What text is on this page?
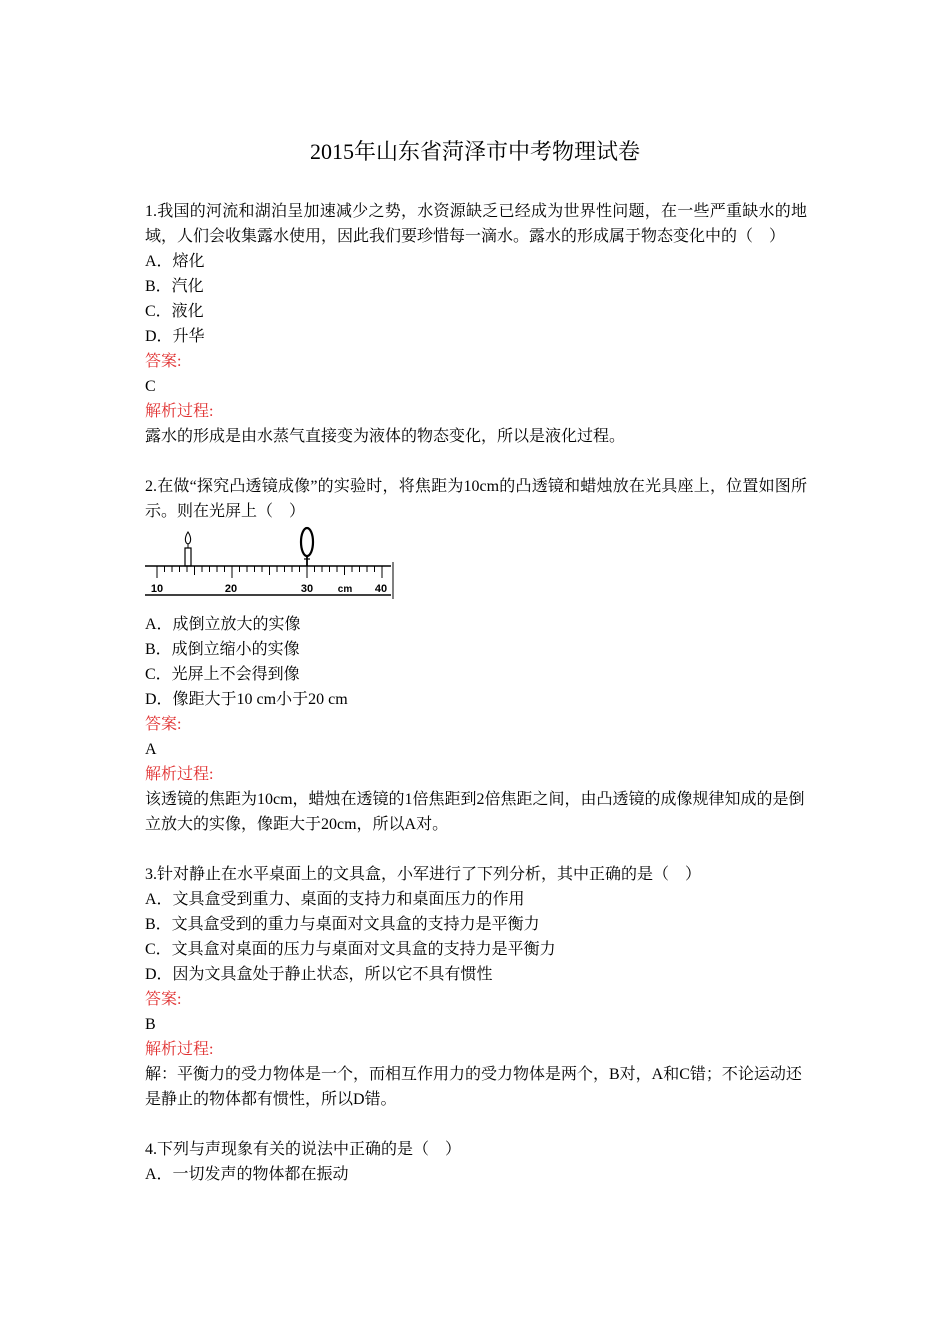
2015年山东省菏泽市中考物理试卷
1.我国的河流和湖泊呈加速减少之势，水资源缺乏已经成为世界性问题，在一些严重缺水的地域，人们会收集露水使用，因此我们要珍惜每一滴水。露水的形成属于物态变化中的（　）
A．熔化
B．汽化
C．液化
D．升华
答案:
C
解析过程:
露水的形成是由水蒸气直接变为液体的物态变化，所以是液化过程。
2.在做“探究凸透镜成像”的实验时，将焦距为10cm的凸透镜和蜡烛放在光具座上，位置如图所示。则在光屏上（　）
10	20	30	40
cm
A．成倒立放大的实像
B．成倒立缩小的实像
C．光屏上不会得到像
D．像距大于10 cm小于20 cm
答案:
A
解析过程:
该透镜的焦距为10cm，蜡烛在透镜的1倍焦距到2倍焦距之间，由凸透镜的成像规律知成的是倒立放大的实像，像距大于20cm，所以A对。
3.针对静止在水平桌面上的文具盒，小军进行了下列分析，其中正确的是（　）
A．文具盒受到重力、桌面的支持力和桌面压力的作用
B．文具盒受到的重力与桌面对文具盒的支持力是平衡力
C．文具盒对桌面的压力与桌面对文具盒的支持力是平衡力
D．因为文具盒处于静止状态，所以它不具有惯性
答案:
B
解析过程:
解：平衡力的受力物体是一个，而相互作用力的受力物体是两个，B对，A和C错；不论运动还是静止的物体都有惯性，所以D错。
4.下列与声现象有关的说法中正确的是（　）
A．一切发声的物体都在振动
